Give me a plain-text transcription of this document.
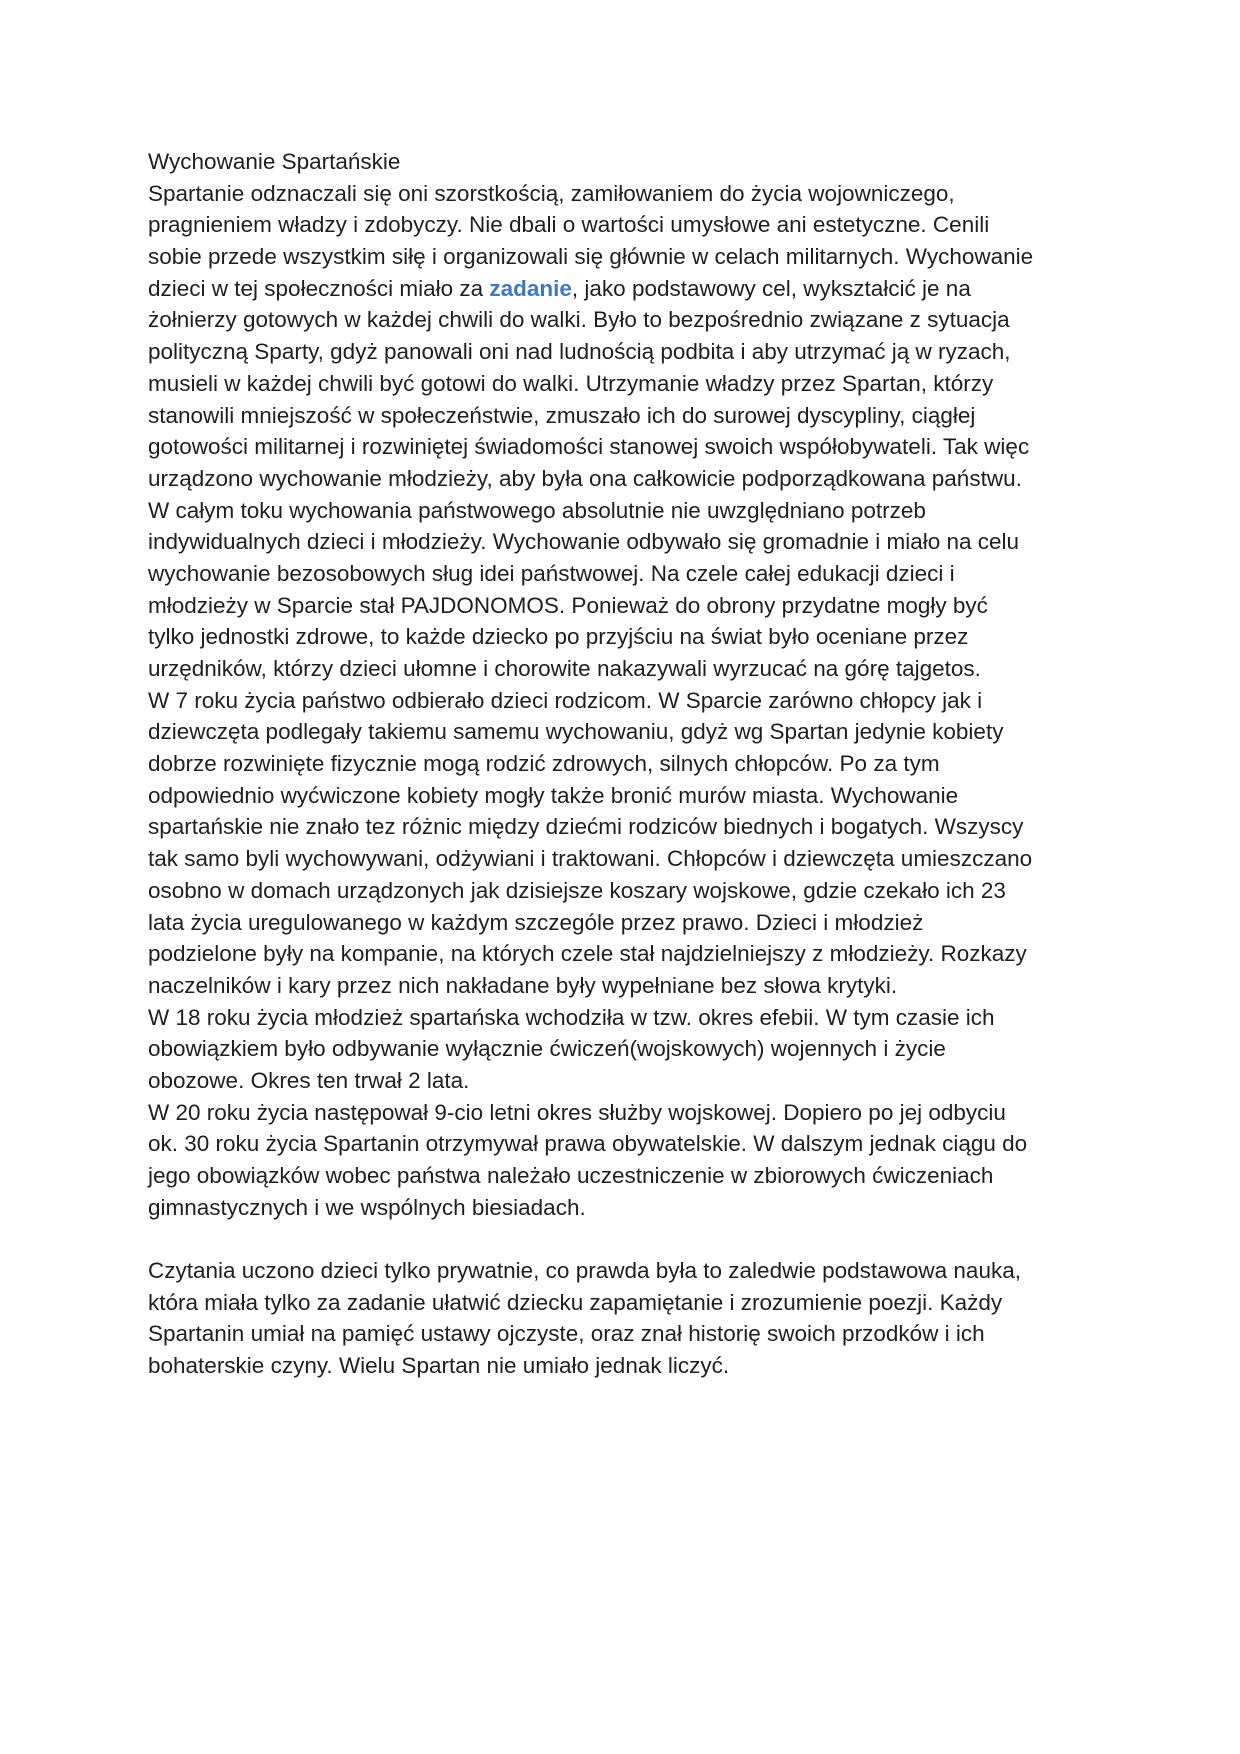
Wychowanie Spartańskie
Spartanie odznaczali się oni szorstkością, zamiłowaniem do życia wojowniczego,
pragnieniem władzy i zdobyczy. Nie dbali o wartości umysłowe ani estetyczne. Cenili
sobie przede wszystkim siłę i organizowali się głównie w celach militarnych. Wychowanie
dzieci w tej społeczności miało za zadanie, jako podstawowy cel, wykształcić je na
żołnierzy gotowych w każdej chwili do walki. Było to bezpośrednio związane z sytuacja
polityczną Sparty, gdyż panowali oni nad ludnością podbita i aby utrzymać ją w ryzach,
musieli w każdej chwili być gotowi do walki. Utrzymanie władzy przez Spartan, którzy
stanowili mniejszość w społeczeństwie, zmuszało ich do surowej dyscypliny, ciągłej
gotowości militarnej i rozwiniętej świadomości stanowej swoich współobywateli. Tak więc
urządzono wychowanie młodzieży, aby była ona całkowicie podporządkowana państwu.
W całym toku wychowania państwowego absolutnie nie uwzględniano potrzeb
indywidualnych dzieci i młodzieży. Wychowanie odbywało się gromadnie i miało na celu
wychowanie bezosobowych sług idei państwowej. Na czele całej edukacji dzieci i
młodzieży w Sparcie stał PAJDONOMOS. Ponieważ do obrony przydatne mogły być
tylko jednostki zdrowe, to każde dziecko po przyjściu na świat było oceniane przez
urzędników, którzy dzieci ułomne i chorowite nakazywali wyrzucać na górę tajgetos.
W 7 roku życia państwo odbierało dzieci rodzicom. W Sparcie zarówno chłopcy jak i
dziewczęta podlegały takiemu samemu wychowaniu, gdyż wg Spartan jedynie kobiety
dobrze rozwinięte fizycznie mogą rodzić zdrowych, silnych chłopców. Po za tym
odpowiednio wyćwiczone kobiety mogły także bronić murów miasta. Wychowanie
spartańskie nie znało tez różnic między dziećmi rodziców biednych i bogatych. Wszyscy
tak samo byli wychowywani, odżywiani i traktowani. Chłopców i dziewczęta umieszczano
osobno w domach urządzonych jak dzisiejsze koszary wojskowe, gdzie czekało ich 23
lata życia uregulowanego w każdym szczególe przez prawo. Dzieci i młodzież
podzielone były na kompanie, na których czele stał najdzielniejszy z młodzieży. Rozkazy
naczelników i kary przez nich nakładane były wypełniane bez słowa krytyki.
W 18 roku życia młodzież spartańska wchodziła w tzw. okres efebii. W tym czasie ich
obowiązkiem było odbywanie wyłącznie ćwiczeń(wojskowych) wojennych i życie
obozowe. Okres ten trwał 2 lata.
W 20 roku życia następował 9-cio letni okres służby wojskowej. Dopiero po jej odbyciu
ok. 30 roku życia Spartanin otrzymywał prawa obywatelskie. W dalszym jednak ciągu do
jego obowiązków wobec państwa należało uczestniczenie w zbiorowych ćwiczeniach
gimnastycznych i we wspólnych biesiadach.
Czytania uczono dzieci tylko prywatnie, co prawda była to zaledwie podstawowa nauka,
która miała tylko za zadanie ułatwić dziecku zapamiętanie i zrozumienie poezji. Każdy
Spartanin umiał na pamięć ustawy ojczyste, oraz znał historię swoich przodków i ich
bohaterskie czyny. Wielu Spartan nie umiało jednak liczyć.
